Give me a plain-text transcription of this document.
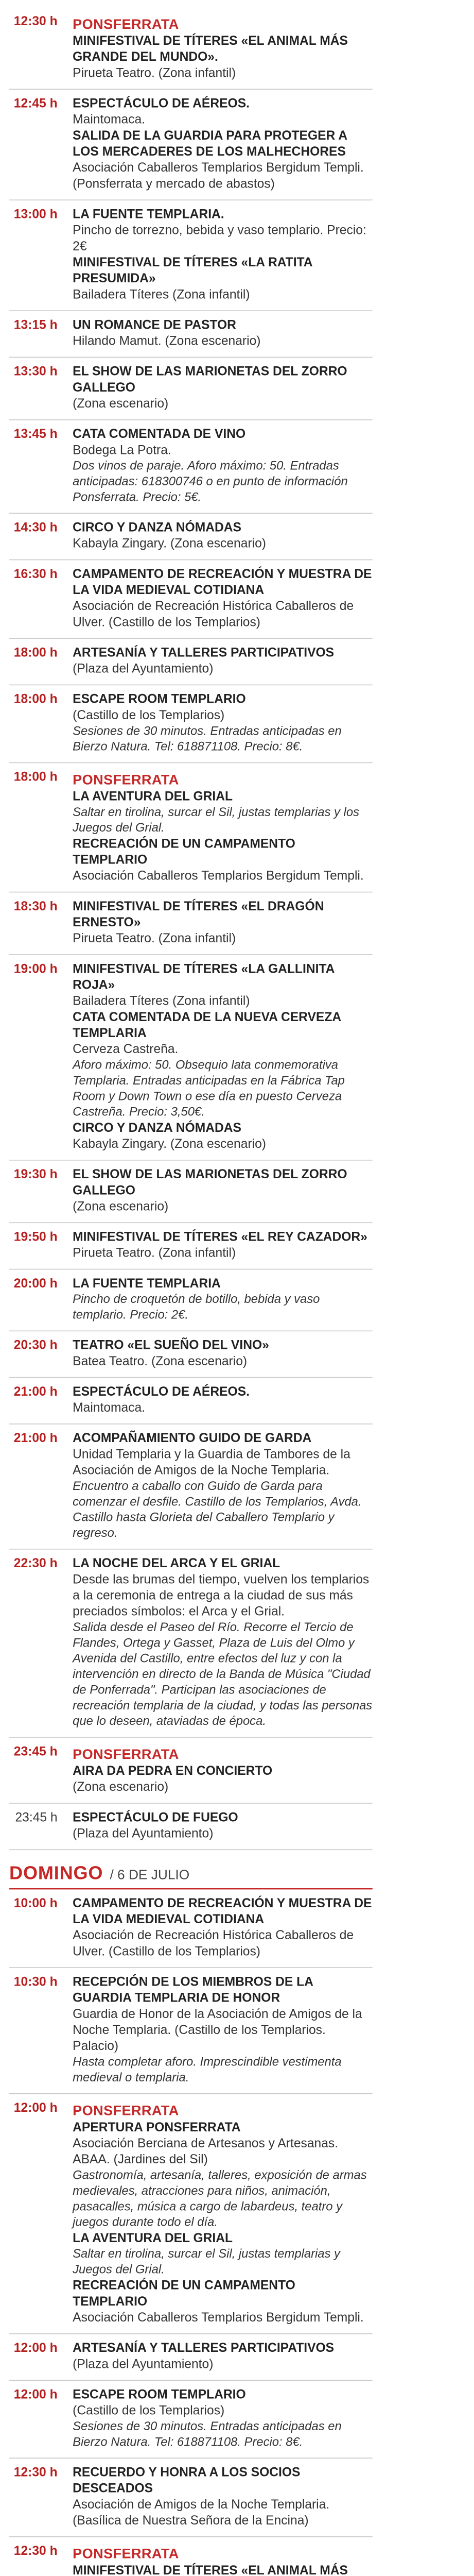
12:30 h PONSFERRATA
MINIFESTIVAL DE TÍTERES «EL ANIMAL MÁS GRANDE DEL MUNDO».
Pirueta Teatro. (Zona infantil)
12:45 h ESPECTÁCULO DE AÉREOS.
Maintomaca.
SALIDA DE LA GUARDIA PARA PROTEGER A LOS MERCADERES DE LOS MALHECHORES
Asociación Caballeros Templarios Bergidum Templi. (Ponsferrata y mercado de abastos)
13:00 h LA FUENTE TEMPLARIA.
Pincho de torrezno, bebida y vaso templario. Precio: 2€
MINIFESTIVAL DE TÍTERES «LA RATITA PRESUMIDA»
Bailadera Títeres (Zona infantil)
13:15 h UN ROMANCE DE PASTOR
Hilando Mamut. (Zona escenario)
13:30 h EL SHOW DE LAS MARIONETAS DEL ZORRO GALLEGO
(Zona escenario)
13:45 h CATA COMENTADA DE VINO
Bodega La Potra.
Dos vinos de paraje. Aforo máximo: 50. Entradas anticipadas: 618300746 o en punto de información Ponsferrata. Precio: 5€.
14:30 h CIRCO Y DANZA NÓMADAS
Kabayla Zingary. (Zona escenario)
16:30 h CAMPAMENTO DE RECREACIÓN Y MUESTRA DE LA VIDA MEDIEVAL COTIDIANA
Asociación de Recreación Histórica Caballeros de Ulver. (Castillo de los Templarios)
18:00 h ARTESANÍA Y TALLERES PARTICIPATIVOS
(Plaza del Ayuntamiento)
18:00 h ESCAPE ROOM TEMPLARIO
(Castillo de los Templarios)
Sesiones de 30 minutos. Entradas anticipadas en Bierzo Natura. Tel: 618871108. Precio: 8€.
18:00 h PONSFERRATA
LA AVENTURA DEL GRIAL
Saltar en tirolina, surcar el Sil, justas templarias y los Juegos del Grial.
RECREACIÓN DE UN CAMPAMENTO TEMPLARIO
Asociación Caballeros Templarios Bergidum Templi.
18:30 h MINIFESTIVAL DE TÍTERES «EL DRAGÓN ERNESTO»
Pirueta Teatro. (Zona infantil)
19:00 h MINIFESTIVAL DE TÍTERES «LA GALLINITA ROJA»
Bailadera Títeres (Zona infantil)
CATA COMENTADA DE LA NUEVA CERVEZA TEMPLARIA
Cerveza Castreña.
Aforo máximo: 50. Obsequio lata conmemorativa Templaria. Entradas anticipadas en la Fábrica Tap Room y Down Town o ese día en puesto Cerveza Castreña. Precio: 3,50€.
CIRCO Y DANZA NÓMADAS
Kabayla Zingary. (Zona escenario)
19:30 h EL SHOW DE LAS MARIONETAS DEL ZORRO GALLEGO
(Zona escenario)
19:50 h MINIFESTIVAL DE TÍTERES «EL REY CAZADOR»
Pirueta Teatro. (Zona infantil)
20:00 h LA FUENTE TEMPLARIA
Pincho de croquetón de botillo, bebida y vaso templario. Precio: 2€.
20:30 h TEATRO «EL SUEÑO DEL VINO»
Batea Teatro. (Zona escenario)
21:00 h ESPECTÁCULO DE AÉREOS.
Maintomaca.
21:00 h ACOMPAÑAMIENTO GUIDO DE GARDA
Unidad Templaria y la Guardia de Tambores de la Asociación de Amigos de la Noche Templaria.
Encuentro a caballo con Guido de Garda para comenzar el desfile. Castillo de los Templarios, Avda. Castillo hasta Glorieta del Caballero Templario y regreso.
22:30 h LA NOCHE DEL ARCA Y EL GRIAL
Desde las brumas del tiempo, vuelven los templarios a la ceremonia de entrega a la ciudad de sus más preciados símbolos: el Arca y el Grial.
Salida desde el Paseo del Río. Recorre el Tercio de Flandes, Ortega y Gasset, Plaza de Luis del Olmo y Avenida del Castillo, entre efectos del luz y con la intervención en directo de la Banda de Música "Ciudad de Ponferrada". Participan las asociaciones de recreación templaria de la ciudad, y todas las personas que lo deseen, ataviadas de época.
23:45 h PONSFERRATA
AIRA DA PEDRA EN CONCIERTO
(Zona escenario)
23:45 h ESPECTÁCULO DE FUEGO
(Plaza del Ayuntamiento)
DOMINGO / 6 DE JULIO
10:00 h CAMPAMENTO DE RECREACIÓN Y MUESTRA DE LA VIDA MEDIEVAL COTIDIANA
Asociación de Recreación Histórica Caballeros de Ulver. (Castillo de los Templarios)
10:30 h RECEPCIÓN DE LOS MIEMBROS DE LA GUARDIA TEMPLARIA DE HONOR
Guardia de Honor de la Asociación de Amigos de la Noche Templaria. (Castillo de los Templarios. Palacio)
Hasta completar aforo. Imprescindible vestimenta medieval o templaria.
12:00 h PONSFERRATA
APERTURA PONSFERRATA
Asociación Berciana de Artesanos y Artesanas. ABAA. (Jardines del Sil)
Gastronomía, artesanía, talleres, exposición de armas medievales, atracciones para niños, animación, pasacalles, música a cargo de labardeus, teatro y juegos durante todo el día.
LA AVENTURA DEL GRIAL
Saltar en tirolina, surcar el Sil, justas templarias y Juegos del Grial.
RECREACIÓN DE UN CAMPAMENTO TEMPLARIO
Asociación Caballeros Templarios Bergidum Templi.
12:00 h ARTESANÍA Y TALLERES PARTICIPATIVOS
(Plaza del Ayuntamiento)
12:00 h ESCAPE ROOM TEMPLARIO
(Castillo de los Templarios)
Sesiones de 30 minutos. Entradas anticipadas en Bierzo Natura. Tel: 618871108. Precio: 8€.
12:30 h RECUERDO Y HONRA A LOS SOCIOS DESCEADOS
Asociación de Amigos de la Noche Templaria. (Basílica de Nuestra Señora de la Encina)
12:30 h PONSFERRATA
MINIFESTIVAL DE TÍTERES «EL ANIMAL MÁS
